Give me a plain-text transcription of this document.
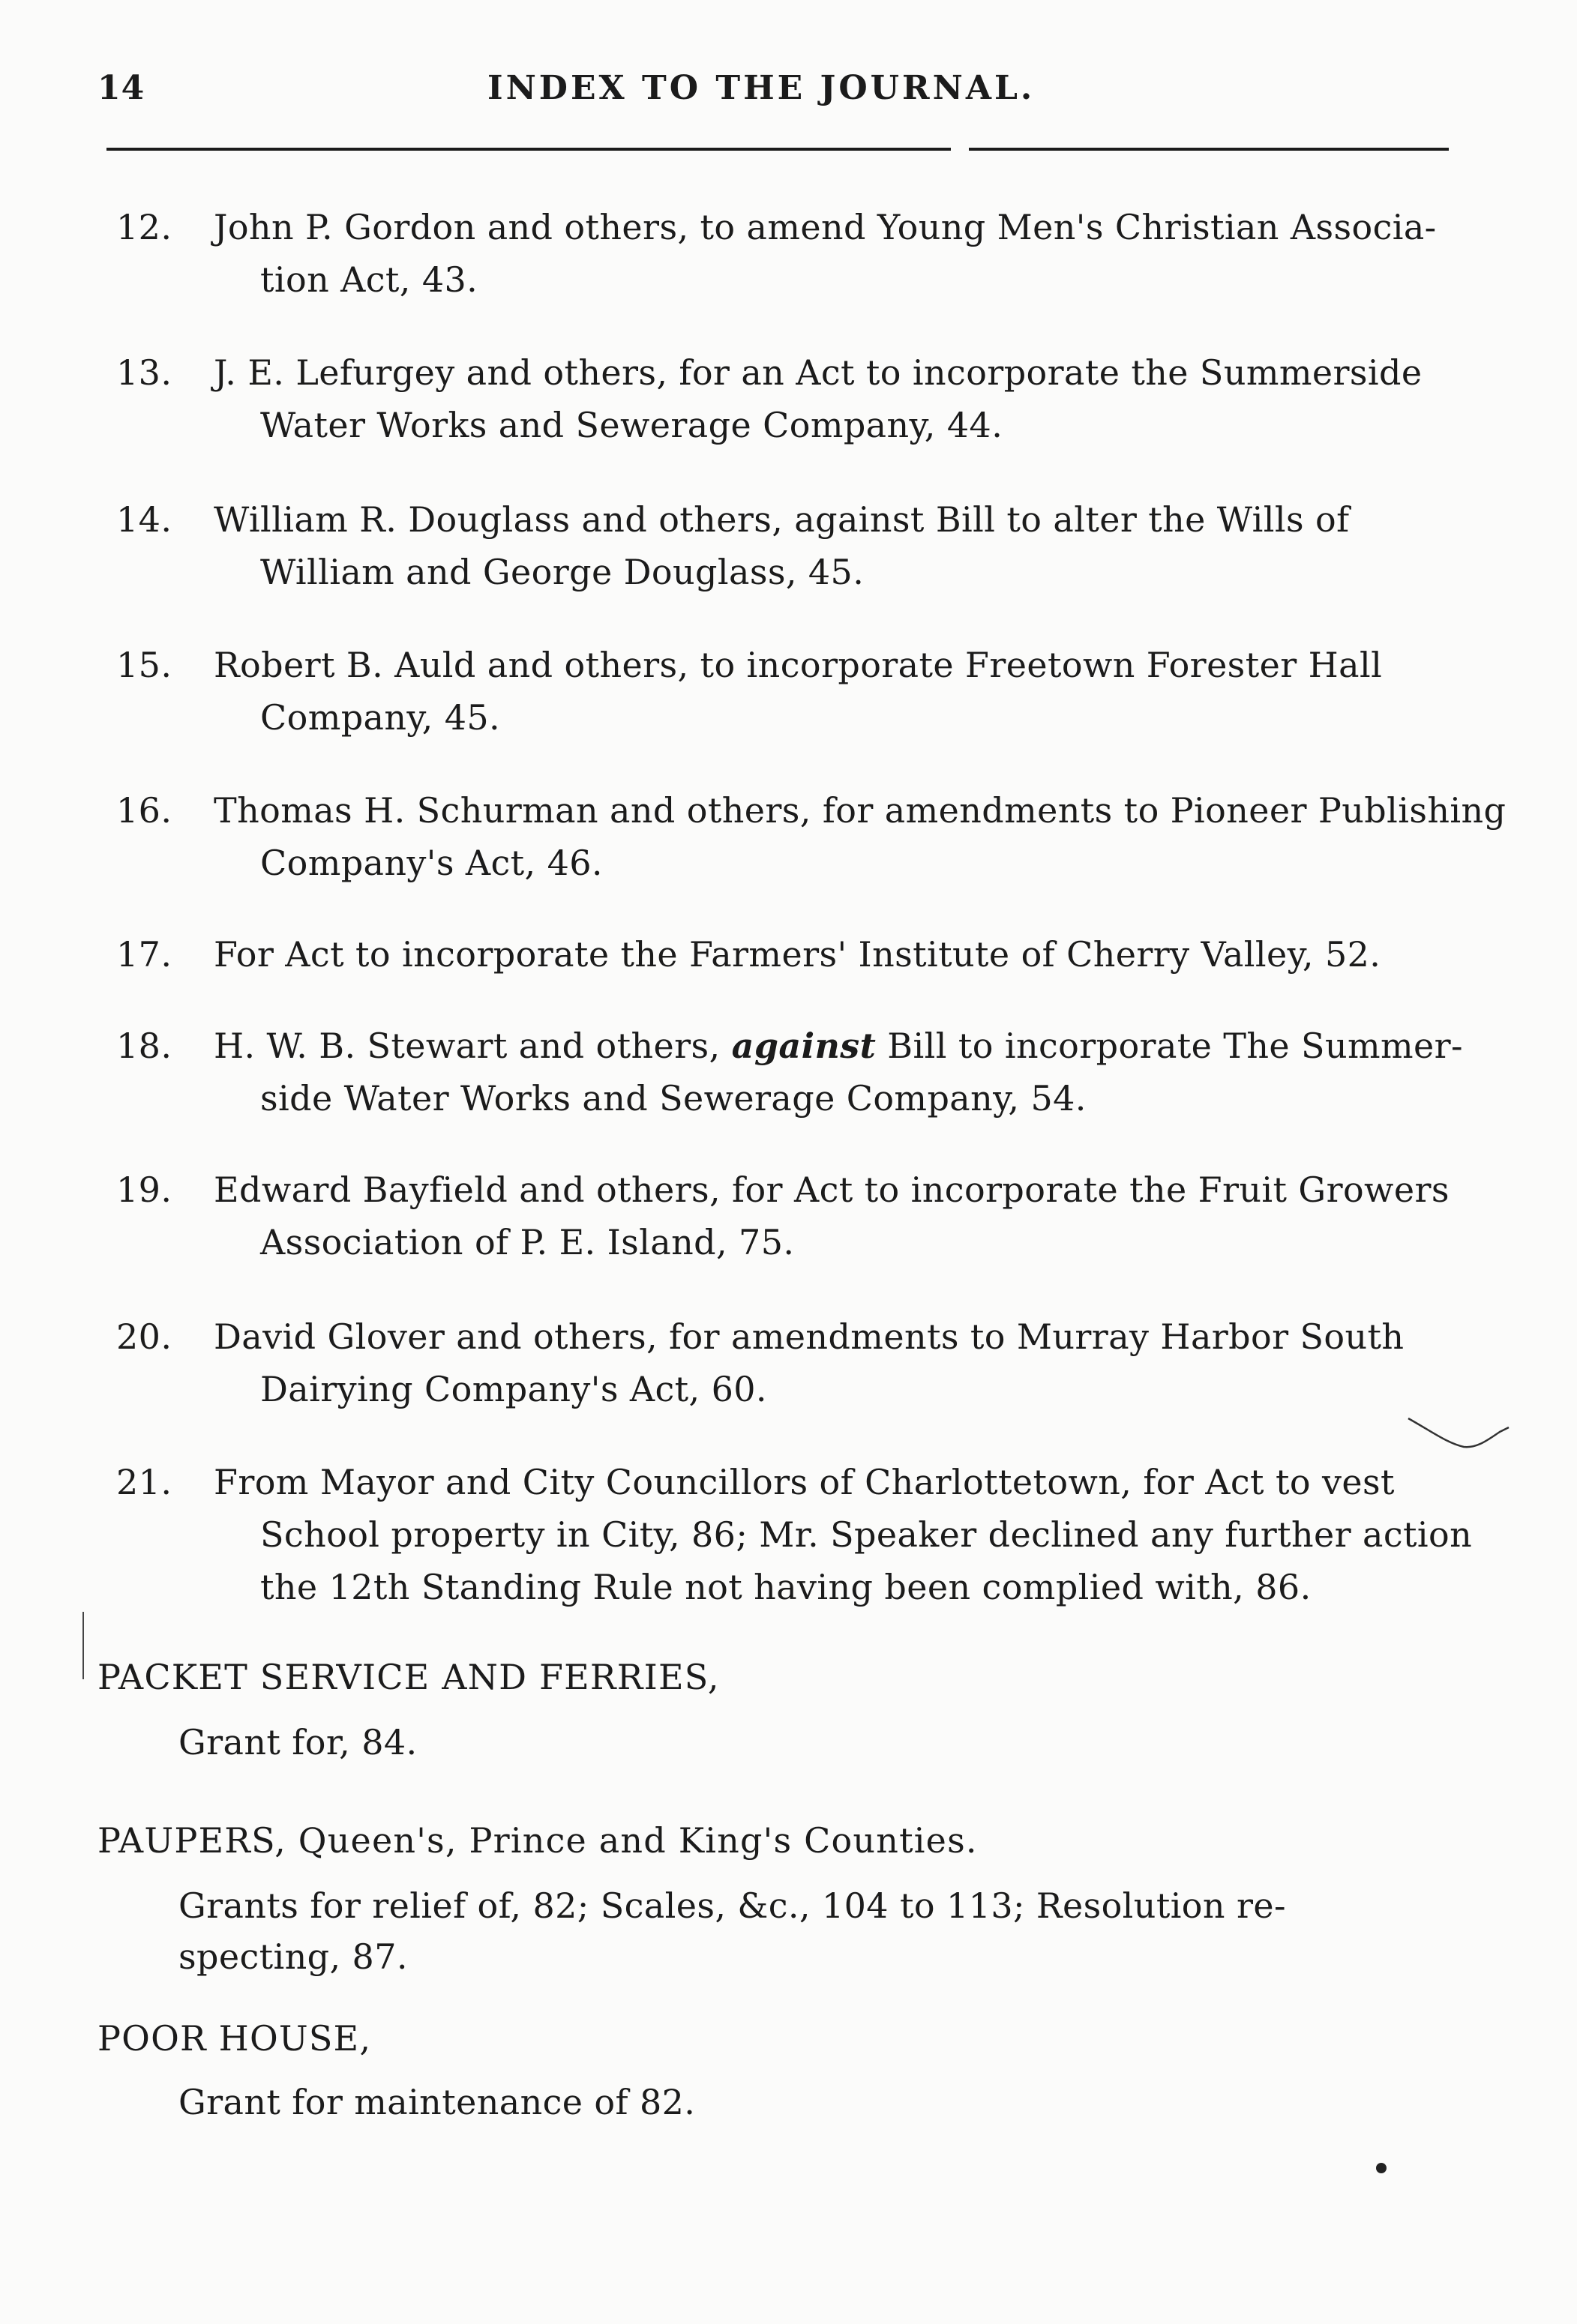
14	INDEX TO THE JOURNAL.
12. John P. Gordon and others, to amend Young Men's Christian Associa-
tion Act, 43.
13. J. E. Lefurgey and others, for an Act to incorporate the Summerside
Water Works and Sewerage Company, 44.
14. William R. Douglass and others, against Bill to alter the Wills of
William and George Douglass, 45.
15. Robert B. Auld and others, to incorporate Freetown Forester Hall
Company, 45.
16. Thomas H. Schurman and others, for amendments to Pioneer Publishing
Company's Act, 46.
17. For Act to incorporate the Farmers' Institute of Cherry Valley, 52.
18. H. W. B. Stewart and others, against Bill to incorporate The Summer-
side Water Works and Sewerage Company, 54.
19. Edward Bayfield and others, for Act to incorporate the Fruit Growers
Association of P. E. Island, 75.
20. David Glover and others, for amendments to Murray Harbor South
Dairying Company's Act, 60.
21. From Mayor and City Councillors of Charlottetown, for Act to vest
School property in City, 86; Mr. Speaker declined any further action
the 12th Standing Rule not having been complied with, 86.
PACKET SERVICE AND FERRIES,
Grant for, 84.
PAUPERS, Queen's, Prince and King's Counties.
Grants for relief of, 82; Scales, &c., 104 to 113; Resolution re-
specting, 87.
POOR HOUSE,
Grant for maintenance of 82.
